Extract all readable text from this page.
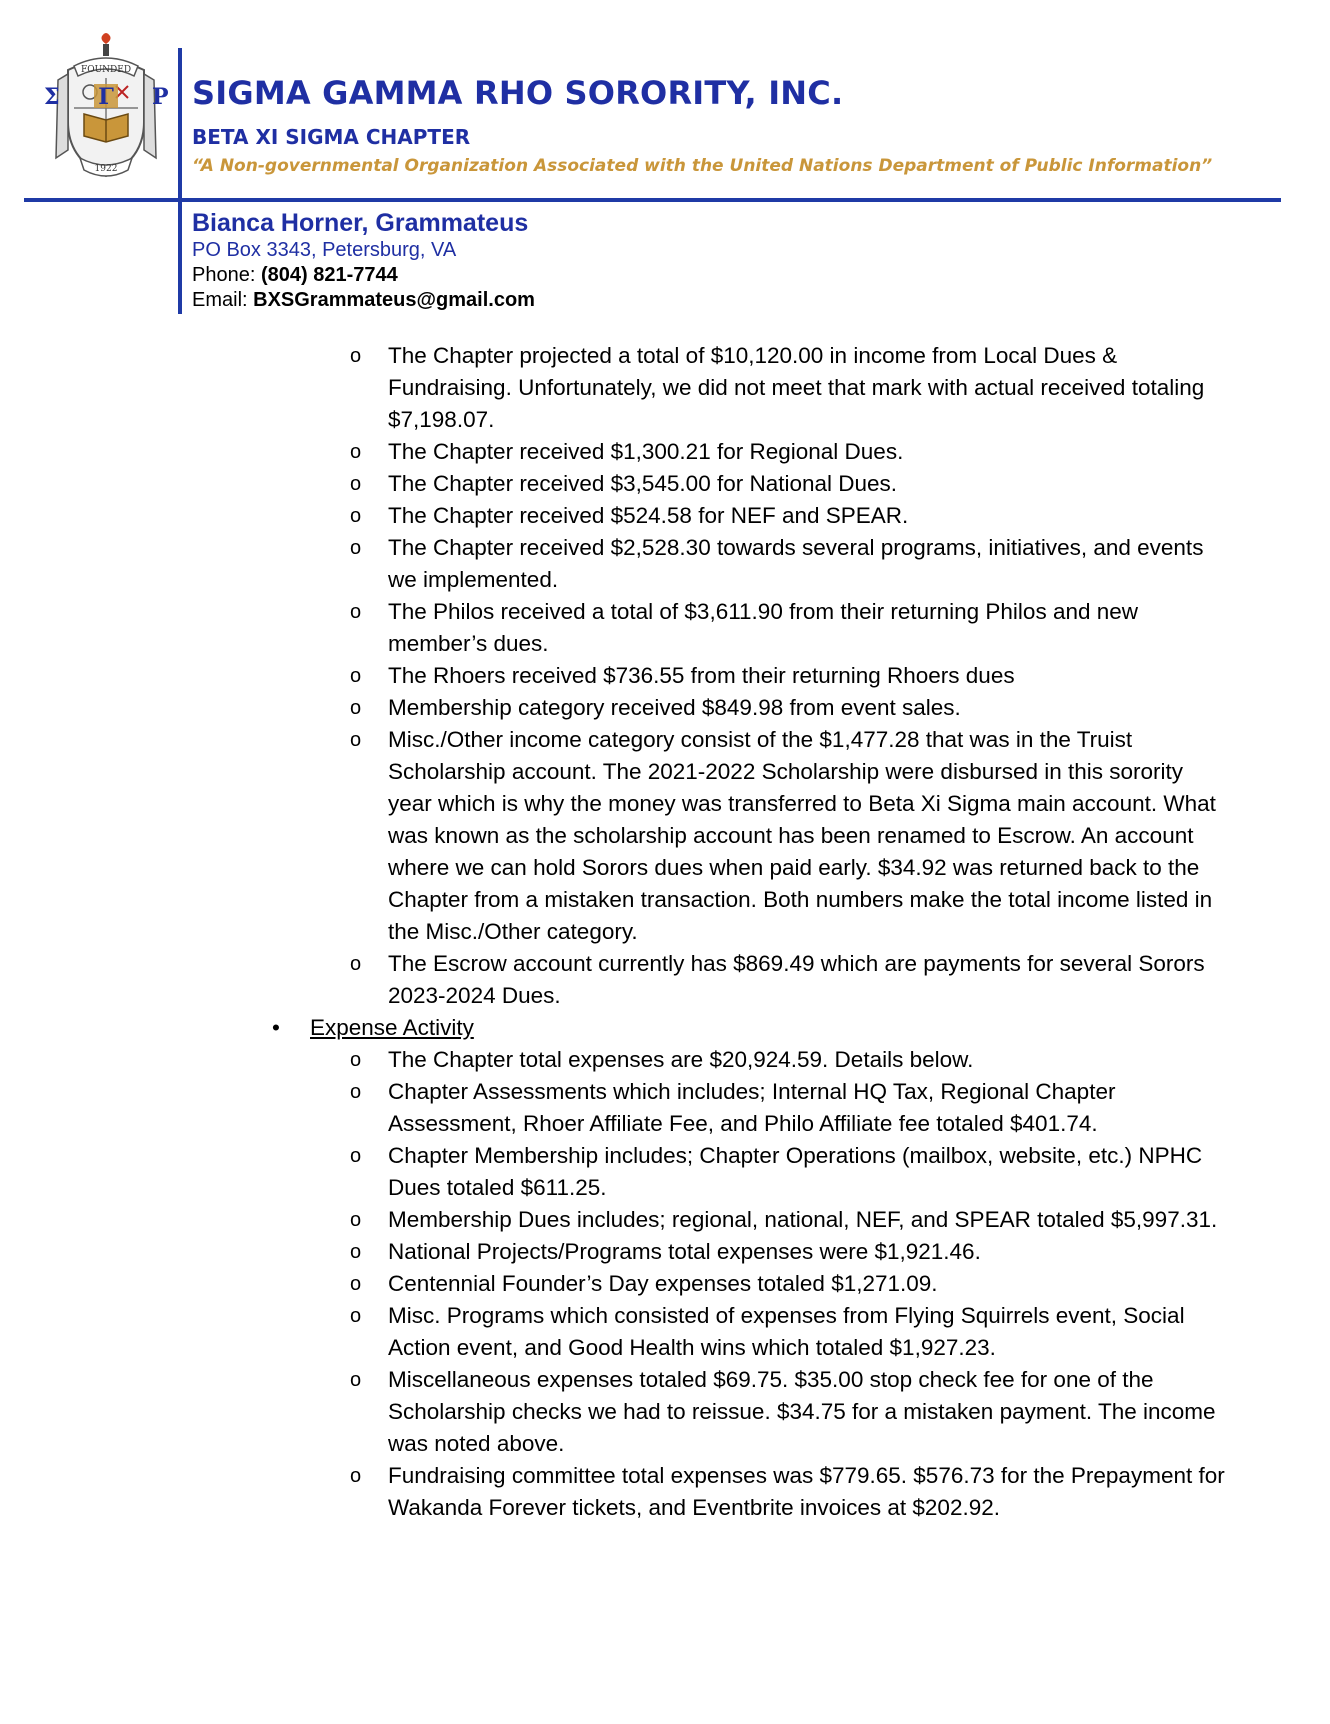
FOUNDED
1922
Σ Γ P SIGMA GAMMA RHO SORORITY, INC.
BETA XI SIGMA CHAPTER
“A Non-governmental Organization Associated with the United Nations Department of Public Information”
Bianca Horner, Grammateus
PO Box 3343, Petersburg, VA
Phone: (804) 821-7744
Email: BXSGrammateus@gmail.com
o The Chapter projected a total of $10,120.00 in income from Local Dues & Fundraising. Unfortunately, we did not meet that mark with actual received totaling $7,198.07.
o The Chapter received $1,300.21 for Regional Dues.
o The Chapter received $3,545.00 for National Dues.
o The Chapter received $524.58 for NEF and SPEAR.
o The Chapter received $2,528.30 towards several programs, initiatives, and events we implemented.
o The Philos received a total of $3,611.90 from their returning Philos and new member’s dues.
o The Rhoers received $736.55 from their returning Rhoers dues
o Membership category received $849.98 from event sales.
o Misc./Other income category consist of the $1,477.28 that was in the Truist Scholarship account. The 2021-2022 Scholarship were disbursed in this sorority year which is why the money was transferred to Beta Xi Sigma main account. What was known as the scholarship account has been renamed to Escrow. An account where we can hold Sorors dues when paid early. $34.92 was returned back to the Chapter from a mistaken transaction. Both numbers make the total income listed in the Misc./Other category.
o The Escrow account currently has $869.49 which are payments for several Sorors 2023-2024 Dues.
• Expense Activity
o The Chapter total expenses are $20,924.59. Details below.
o Chapter Assessments which includes; Internal HQ Tax, Regional Chapter Assessment, Rhoer Affiliate Fee, and Philo Affiliate fee totaled $401.74.
o Chapter Membership includes; Chapter Operations (mailbox, website, etc.) NPHC Dues totaled $611.25.
o Membership Dues includes; regional, national, NEF, and SPEAR totaled $5,997.31.
o National Projects/Programs total expenses were $1,921.46.
o Centennial Founder’s Day expenses totaled $1,271.09.
o Misc. Programs which consisted of expenses from Flying Squirrels event, Social Action event, and Good Health wins which totaled $1,927.23.
o Miscellaneous expenses totaled $69.75. $35.00 stop check fee for one of the Scholarship checks we had to reissue. $34.75 for a mistaken payment. The income was noted above.
o Fundraising committee total expenses was $779.65. $576.73 for the Prepayment for Wakanda Forever tickets, and Eventbrite invoices at $202.92.
